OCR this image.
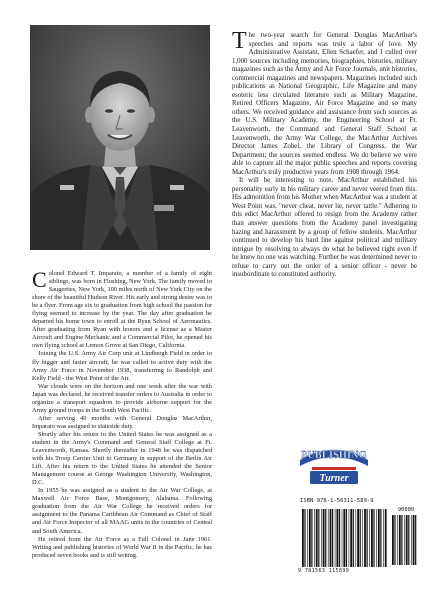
Colonel Edward T. Imparato, a member of a family of eight siblings, was born in Flushing, New York. The family moved to Saugerties, New York, 100 miles north of New York City on the shore of the beautiful Hudson River. His early and strong desire was to be a flyer. From age six to graduation from high school the passion for flying seemed to increase by the year. The day after graduation he departed his home town to enroll at the Ryan School of Aeronautics. After graduating from Ryan with honors and a license as a Master Aircraft and Engine Mechanic and a Commercial Pilot, he opened his own flying school at Lemon Grove at San Diego, California.

Joining the U.S. Army Air Corp unit at Lindbergh Field in order to fly bigger and faster aircraft, he was called to active duty with the Army Air Force in November 1938, transferring to Randolph and Kelly Field - the West Point of the Air.

War clouds were on the horizon and one week after the war with Japan was declared, he received transfer orders to Australia in order to organize a transport squadron to provide airborne support for the Army ground troops in the South West Pacific.

After serving 40 months with General Douglas MacArthur, Imparato was assigned to stateside duty.

Shortly after his return to the United States he was assigned as a student in the Army's Command and General Staff College at Ft. Leavenworth, Kansas. Shortly thereafter in 1948 he was dispatched with his Troop Carrier Unit to Germany in support of the Berlin Air Lift. After his return to the United States he attended the Senior Management course at George Washington University, Washington, D.C.

In 1955 he was assigned as a student to the Air War College, at Maxwell Air Force Base, Montgomery, Alabama. Following graduation from the Air War College he received orders for assignment to the Panama Caribbean Air Command as Chief of Staff and Air Force Inspector of all MAAG units in the countries of Central and South America.

He retired from the Air Force as a Full Colonel in June 1961. Writing and publishing histories of World War II in the Pacific, he has produced seven books and is still writing.

The two-year search for General Douglas MacArthur's speeches and reports was truly a labor of love. My Administrative Assistant, Ellen Schaefer, and I culled over 1,000 sources including memories, biographies, histories, military magazines such as the Army and Air Force Journals, unit histories, commercial magazines and newspapers. Magazines included such publications as National Geographic, Life Magazine and many esoteric less circulated literature such as Military Magazine, Retired Officers Magazine, Air Force Magazine and so many others. We received guidance and assistance from such sources as the U.S. Military Academy, the Engineering School at Ft. Leavenworth, the Command and General Staff School at Leavenworth, the Army War College, the MacArthur Archives Director James Zobel, the Library of Congress, the War Department; the sources seemed endless. We do believe we were able to capture all the major public speeches and reports covering MacArthur's truly productive years from 1908 through 1964.

It will be interesting to note, MacArthur established his personality early in his military career and never veered from this. His admonition from his Mother when MacArthur was a student at West Point was, "never cheat, never lie, never tattle." Adhering to this edict MacArthur offered to resign from the Academy rather than answer questions from the Academy panel investigating hazing and harassment by a group of fellow students. MacArthur continued to develop his hard line against political and military intrigue by resolving to always do what he believed right even if he knew no one was watching. Further he was determined never to refuse to carry out the order of a senior officer - never be insubordinate to constituted authority.

PUBLISHING
Turner
ISBN 978-1-56311-589-9
90000
9 781563 115899
